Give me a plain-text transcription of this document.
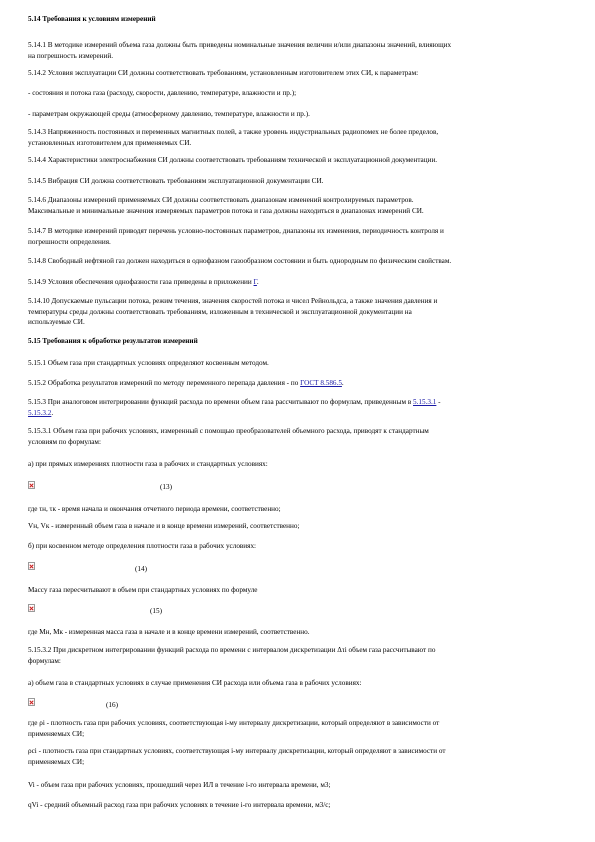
5.14 Требования к условиям измерений
5.14.1 В методике измерений объема газа должны быть приведены номинальные значения величин и/или диапазоны значений, влияющих
на погрешность измерений.
5.14.2 Условия эксплуатации СИ должны соответствовать требованиям, установленным изготовителем этих СИ, к параметрам:
- состояния и потока газа (расходу, скорости, давлению, температуре, влажности и пр.);
- параметрам окружающей среды (атмосферному давлению, температуре, влажности и пр.).
5.14.3 Напряженность постоянных и переменных магнитных полей, а также уровень индустриальных радиопомех не более пределов,
установленных изготовителем для применяемых СИ.
5.14.4 Характеристики электроснабжения СИ должны соответствовать требованиям технической и эксплуатационной документации.
5.14.5 Вибрация СИ должна соответствовать требованиям эксплуатационной документации СИ.
5.14.6 Диапазоны измерений применяемых СИ должны соответствовать диапазонам изменений контролируемых параметров.
Максимальные и минимальные значения измеряемых параметров потока и газа должны находиться в диапазонах измерений СИ.
5.14.7 В методике измерений приводят перечень условно-постоянных параметров, диапазоны их изменения, периодичность контроля и
погрешности определения.
5.14.8 Свободный нефтяной газ должен находиться в однофазном газообразном состоянии и быть однородным по физическим свойствам.
5.14.9 Условия обеспечения однофазности газа приведены в приложении Г.
5.14.10 Допускаемые пульсации потока, режим течения, значения скоростей потока и чисел Рейнольдса, а также значения давления и
температуры среды должны соответствовать требованиям, изложенным в технической и эксплуатационной документации на
используемые СИ.
5.15 Требования к обработке результатов измерений
5.15.1 Объем газа при стандартных условиях определяют косвенным методом.
5.15.2 Обработка результатов измерений по методу переменного перепада давления - по ГОСТ 8.586.5.
5.15.3 При аналоговом интегрировании функций расхода по времени объем газа рассчитывают по формулам, приведенным в 5.15.3.1 -
5.15.3.2.
5.15.3.1 Объем газа при рабочих условиях, измеренный с помощью преобразователей объемного расхода, приводят к стандартным
условиям по формулам:
а) при прямых измерениях плотности газа в рабочих и стандартных условиях:
(13)
где τн, τк - время начала и окончания отчетного периода времени, соответственно;
Vн, Vк - измеренный объем газа в начале и в конце времени измерений, соответственно;
б) при косвенном методе определения плотности газа в рабочих условиях:
(14)
Массу газа пересчитывают в объем при стандартных условиях по формуле
(15)
где Mн, Mк - измеренная масса газа в начале и в конце времени измерений, соответственно.
5.15.3.2 При дискретном интегрировании функций расхода по времени с интервалом дискретизации Δτi объем газа рассчитывают по
формулам:
а) объем газа в стандартных условиях в случае применения СИ расхода или объема газа в рабочих условиях:
(16)
где ρi - плотность газа при рабочих условиях, соответствующая i-му интервалу дискретизации, который определяют в зависимости от
применяемых СИ;
ρсi - плотность газа при стандартных условиях, соответствующая i-му интервалу дискретизации, который определяют в зависимости от
применяемых СИ;
Vi - объем газа при рабочих условиях, прошедший через ИЛ в течение i-го интервала времени, м3;
qVi - средний объемный расход газа при рабочих условиях в течение i-го интервала времени, м3/с;
